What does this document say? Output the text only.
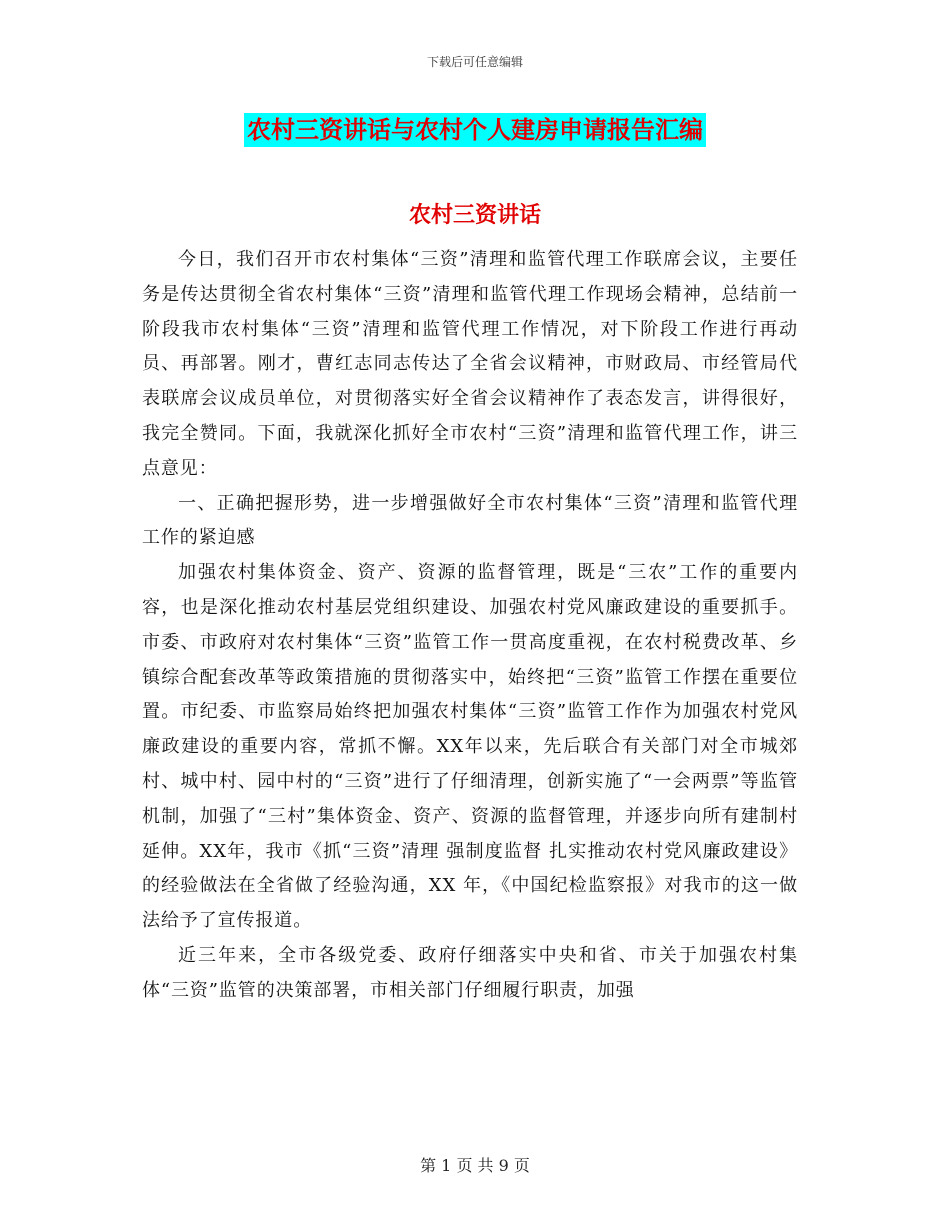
下载后可任意编辑
农村三资讲话与农村个人建房申请报告汇编
农村三资讲话

今日，我们召开市农村集体“三资”清理和监管代理工作联席会议，主要任务是传达贯彻全省农村集体“三资”清理和监管代理工作现场会精神，总结前一阶段我市农村集体“三资”清理和监管代理工作情况，对下阶段工作进行再动员、再部署。刚才，曹红志同志传达了全省会议精神，市财政局、市经管局代表联席会议成员单位，对贯彻落实好全省会议精神作了表态发言，讲得很好，我完全赞同。下面，我就深化抓好全市农村“三资”清理和监管代理工作，讲三点意见：

一、正确把握形势，进一步增强做好全市农村集体“三资”清理和监管代理工作的紧迫感

加强农村集体资金、资产、资源的监督管理，既是“三农”工作的重要内容，也是深化推动农村基层党组织建设、加强农村党风廉政建设的重要抓手。市委、市政府对农村集体“三资”监管工作一贯高度重视，在农村税费改革、乡镇综合配套改革等政策措施的贯彻落实中，始终把“三资”监管工作摆在重要位置。市纪委、市监察局始终把加强农村集体“三资”监管工作作为加强农村党风廉政建设的重要内容，常抓不懈。XX年以来，先后联合有关部门对全市城郊村、城中村、园中村的“三资”进行了仔细清理，创新实施了“一会两票”等监管机制，加强了“三村”集体资金、资产、资源的监督管理，并逐步向所有建制村延伸。XX年，我市《抓“三资”清理 强制度监督 扎实推动农村党风廉政建设》的经验做法在全省做了经验沟通，XX 年，《中国纪检监察报》对我市的这一做法给予了宣传报道。

近三年来，全市各级党委、政府仔细落实中央和省、市关于加强农村集体“三资”监管的决策部署，市相关部门仔细履行职责，加强

第 1 页 共 9 页
